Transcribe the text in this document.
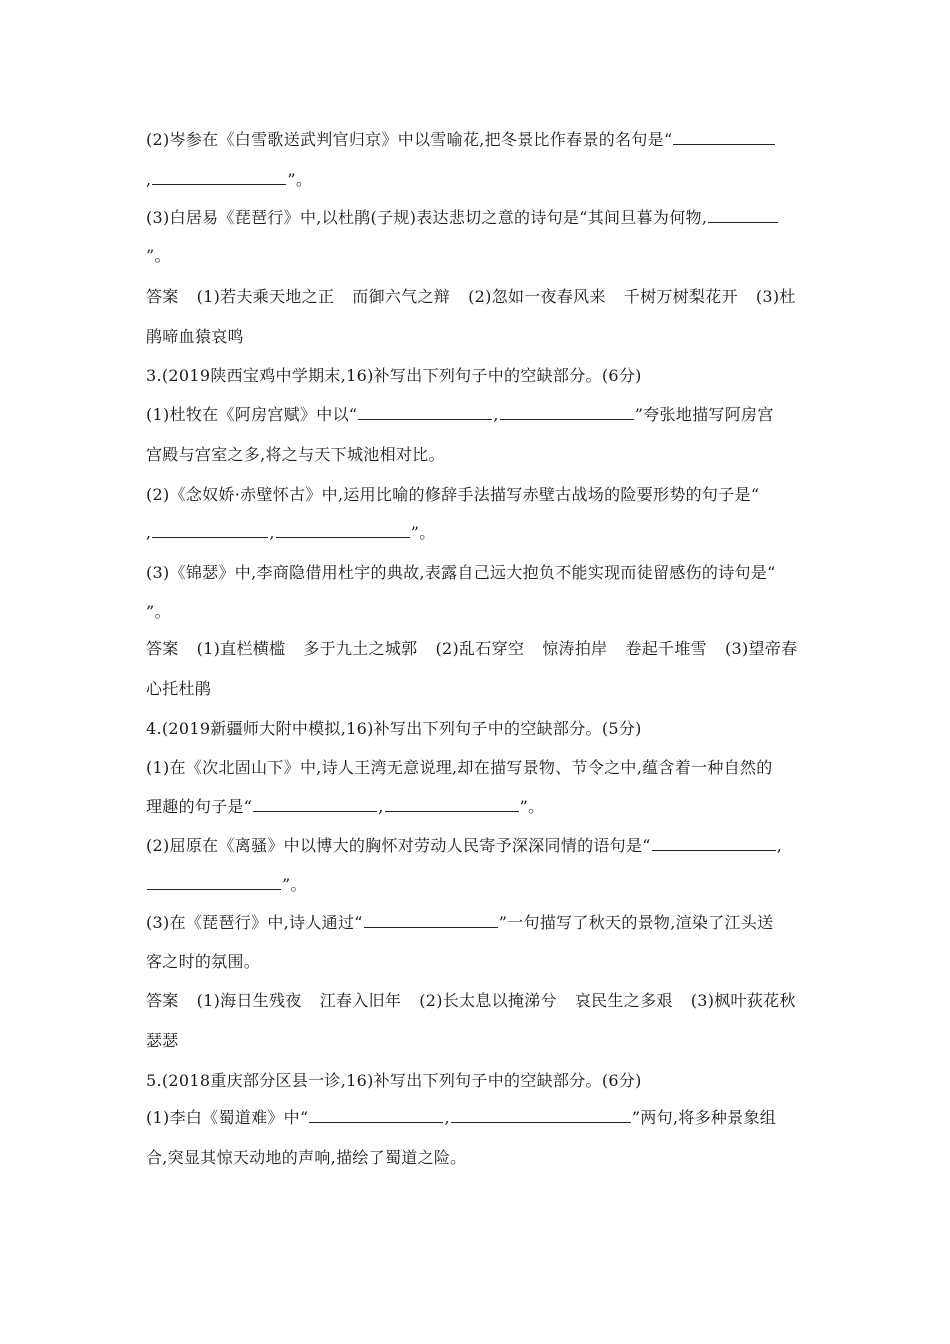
(2)岑参在《白雪歌送武判官归京》中以雪喻花,把冬景比作春景的名句是“
,	”。
(3)白居易《琵琶行》中,以杜鹃(子规)表达悲切之意的诗句是“其间旦暮为何物,
”。
答案 (1)若夫乘天地之正 而御六气之辩 (2)忽如一夜春风来 千树万树梨花开 (3)杜
鹃啼血猿哀鸣
3.(2019陕西宝鸡中学期末,16)补写出下列句子中的空缺部分。(6分)
(1)杜牧在《阿房宫赋》中以“	,	”夸张地描写阿房宫
宫殿与宫室之多,将之与天下城池相对比。
(2)《念奴娇·赤壁怀古》中,运用比喻的修辞手法描写赤壁古战场的险要形势的句子是“
,	,	”。
(3)《锦瑟》中,李商隐借用杜宇的典故,表露自己远大抱负不能实现而徒留感伤的诗句是“
”。
答案 (1)直栏横槛 多于九土之城郭 (2)乱石穿空 惊涛拍岸 卷起千堆雪 (3)望帝春
心托杜鹃
4.(2019新疆师大附中模拟,16)补写出下列句子中的空缺部分。(5分)
(1)在《次北固山下》中,诗人王湾无意说理,却在描写景物、节令之中,蕴含着一种自然的
理趣的句子是“	,	”。
(2)屈原在《离骚》中以博大的胸怀对劳动人民寄予深深同情的语句是“	,
”。
(3)在《琵琶行》中,诗人通过“	”一句描写了秋天的景物,渲染了江头送
客之时的氛围。
答案 (1)海日生残夜 江春入旧年 (2)长太息以掩涕兮 哀民生之多艰 (3)枫叶荻花秋
瑟瑟
5.(2018重庆部分区县一诊,16)补写出下列句子中的空缺部分。(6分)
(1)李白《蜀道难》中“	,	”两句,将多种景象组
合,突显其惊天动地的声响,描绘了蜀道之险。
